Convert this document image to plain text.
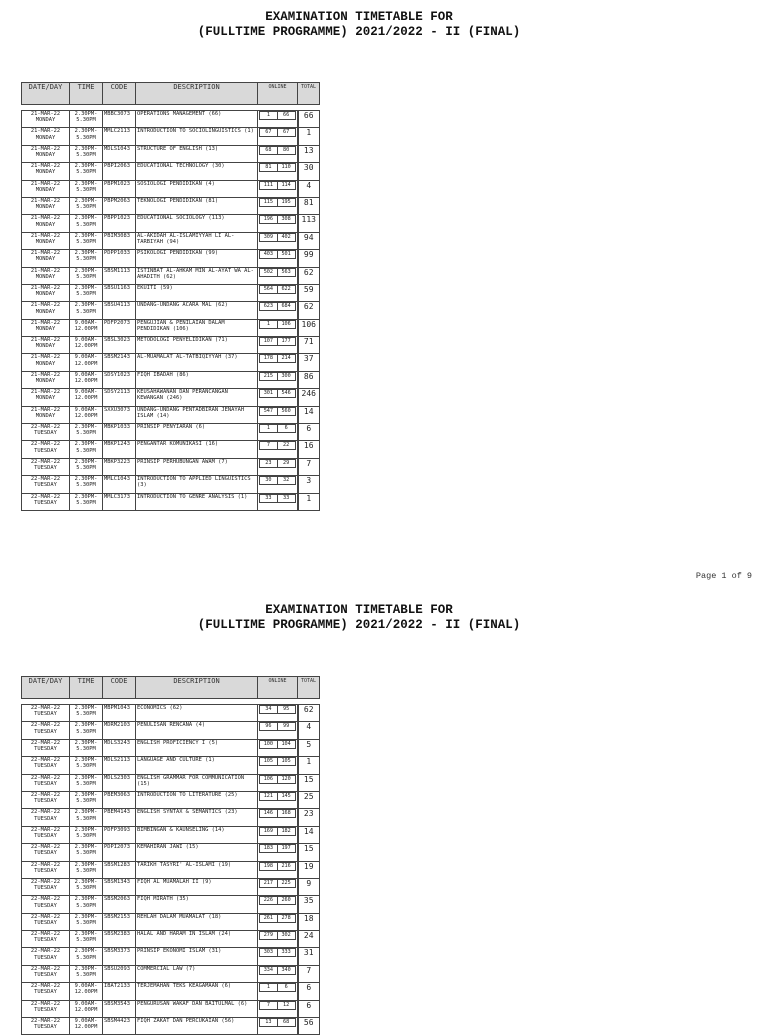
EXAMINATION TIMETABLE FOR
(FULLTIME PROGRAMME) 2021/2022 - II (FINAL)
DATE/DAY	TIME	CODE	DESCRIPTION	ONLINE	TOTAL

21-MAR-22 MONDAY	2.30PM- 5.30PM	MBBC3073	OPERATIONS MANAGEMENT (66)	1 66	66
21-MAR-22 MONDAY	2.30PM- 5.30PM	MMLC2113	INTRODUCTION TO SOCIOLINGUISTICS (1)	67 67	1
21-MAR-22 MONDAY	2.30PM- 5.30PM	MDLS1043	STRUCTURE OF ENGLISH (13)	68 80	13
21-MAR-22 MONDAY	2.30PM- 5.30PM	PBPI2063	EDUCATIONAL TECHNOLOGY (30)	81 110	30
21-MAR-22 MONDAY	2.30PM- 5.30PM	PBPM1023	SOSIOLOGI PENDIDIKAN (4)	111 114	4
21-MAR-22 MONDAY	2.30PM- 5.30PM	PBPM2063	TEKNOLOGI PENDIDIKAN (81)	115 195	81
21-MAR-22 MONDAY	2.30PM- 5.30PM	PBPP1023	EDUCATIONAL SOCIOLOGY (113)	196 308	113
21-MAR-22 MONDAY	2.30PM- 5.30PM	PBIM3083	AL-AKIDAH AL-ISLAMIYYAH LI AL-TARBIYAH (94)	309 402	94
21-MAR-22 MONDAY	2.30PM- 5.30PM	PDPP1033	PSIKOLOGI PENDIDIKAN (99)	403 501	99
21-MAR-22 MONDAY	2.30PM- 5.30PM	SBSM1113	ISTINBAT AL-AHKAM MIN AL-AYAT WA AL-AHADITH (62)	502 563	62
21-MAR-22 MONDAY	2.30PM- 5.30PM	SBSU1163	EKUITI (59)	564 622	59
21-MAR-22 MONDAY	2.30PM- 5.30PM	SBSU4113	UNDANG-UNDANG ACARA MAL (62)	623 684	62
21-MAR-22 MONDAY	9.00AM- 12.00PM	PDFP2073	PENGUJIAN & PENILAIAN DALAM PENDIDIKAN (106)	1 106	106
21-MAR-22 MONDAY	9.00AM- 12.00PM	SBSL3023	METODOLOGI PENYELIDIKAN (71)	107 177	71
21-MAR-22 MONDAY	9.00AM- 12.00PM	SBSM2143	AL-MUAMALAT AL-TATBIQIYYAH (37)	178 214	37
21-MAR-22 MONDAY	9.00AM- 12.00PM	SDSY1023	FIQH IBADAH (86)	215 300	86
21-MAR-22 MONDAY	9.00AM- 12.00PM	SDSY2113	KEUSAHAWANAN DAN PERANCANGAN KEWANGAN (246)	301 546	246
21-MAR-22 MONDAY	9.00AM- 12.00PM	SXXU3073	UNDANG-UNDANG PENTADBIRAN JENAYAH ISLAM (14)	547 560	14
22-MAR-22 TUESDAY	2.30PM- 5.30PM	MBKP1033	PRINSIP PENYIARAN (6)	1 6	6
22-MAR-22 TUESDAY	2.30PM- 5.30PM	MBKP1243	PENGANTAR KOMUNIKASI (16)	7 22	16
22-MAR-22 TUESDAY	2.30PM- 5.30PM	MBKP3223	PRINSIP PERHUBUNGAN AWAM (7)	23 29	7
22-MAR-22 TUESDAY	2.30PM- 5.30PM	MMLC1043	INTRODUCTION TO APPLIED LINGUISTICS (3)	30 32	3
22-MAR-22 TUESDAY	2.30PM- 5.30PM	MMLC3173	INTRODUCTION TO GENRE ANALYSIS (1)	33 33	1
Page 1 of 9
EXAMINATION TIMETABLE FOR
(FULLTIME PROGRAMME) 2021/2022 - II (FINAL)
DATE/DAY	TIME	CODE	DESCRIPTION	ONLINE	TOTAL

22-MAR-22 TUESDAY	2.30PM- 5.30PM	MBPM1043	ECONOMICS (62)	34 95	62
22-MAR-22 TUESDAY	2.30PM- 5.30PM	MDRM2103	PENULISAN RENCANA (4)	96 99	4
22-MAR-22 TUESDAY	2.30PM- 5.30PM	MDLS3243	ENGLISH PROFICIENCY I (5)	100 104	5
22-MAR-22 TUESDAY	2.30PM- 5.30PM	MDLS2113	LANGUAGE AND CULTURE (1)	105 105	1
22-MAR-22 TUESDAY	2.30PM- 5.30PM	MDLS2303	ENGLISH GRAMMAR FOR COMMUNICATION (15)	106 120	15
22-MAR-22 TUESDAY	2.30PM- 5.30PM	PBEM3063	INTRODUCTION TO LITERATURE (25)	121 145	25
22-MAR-22 TUESDAY	2.30PM- 5.30PM	PBEM4143	ENGLISH SYNTAX & SEMANTICS (23)	146 168	23
22-MAR-22 TUESDAY	2.30PM- 5.30PM	PDFP3093	BIMBINGAN & KAUNSELING (14)	169 182	14
22-MAR-22 TUESDAY	2.30PM- 5.30PM	PDPI2073	KEMAHIRAN JAWI (15)	183 197	15
22-MAR-22 TUESDAY	2.30PM- 5.30PM	SBSM1283	TARIKH TASYRI' AL-ISLAMI (19)	198 216	19
22-MAR-22 TUESDAY	2.30PM- 5.30PM	SBSM1343	FIQH AL MUAMALAH II (9)	217 225	9
22-MAR-22 TUESDAY	2.30PM- 5.30PM	SBSM2063	FIQH MIRATH (35)	226 260	35
22-MAR-22 TUESDAY	2.30PM- 5.30PM	SBSM2153	REHLAH DALAM MUAMALAT (18)	261 278	18
22-MAR-22 TUESDAY	2.30PM- 5.30PM	SBSM2383	HALAL AND HARAM IN ISLAM (24)	279 302	24
22-MAR-22 TUESDAY	2.30PM- 5.30PM	SBSM3373	PRINSIP EKONOMI ISLAM (31)	303 333	31
22-MAR-22 TUESDAY	2.30PM- 5.30PM	SBSU2093	COMMERCIAL LAW (7)	334 340	7
22-MAR-22 TUESDAY	9.00AM- 12.00PM	IBAT2133	TERJEMAHAN TEKS KEAGAMAAN (6)	1 6	6
22-MAR-22 TUESDAY	9.00AM- 12.00PM	SBSM3543	PENGURUSAN WAKAF DAN BAITULMAL (6)	7 12	6
22-MAR-22 TUESDAY	9.00AM- 12.00PM	SBSM4423	FIQH ZAKAT DAN PERCUKAIAN (56)	13 68	56
